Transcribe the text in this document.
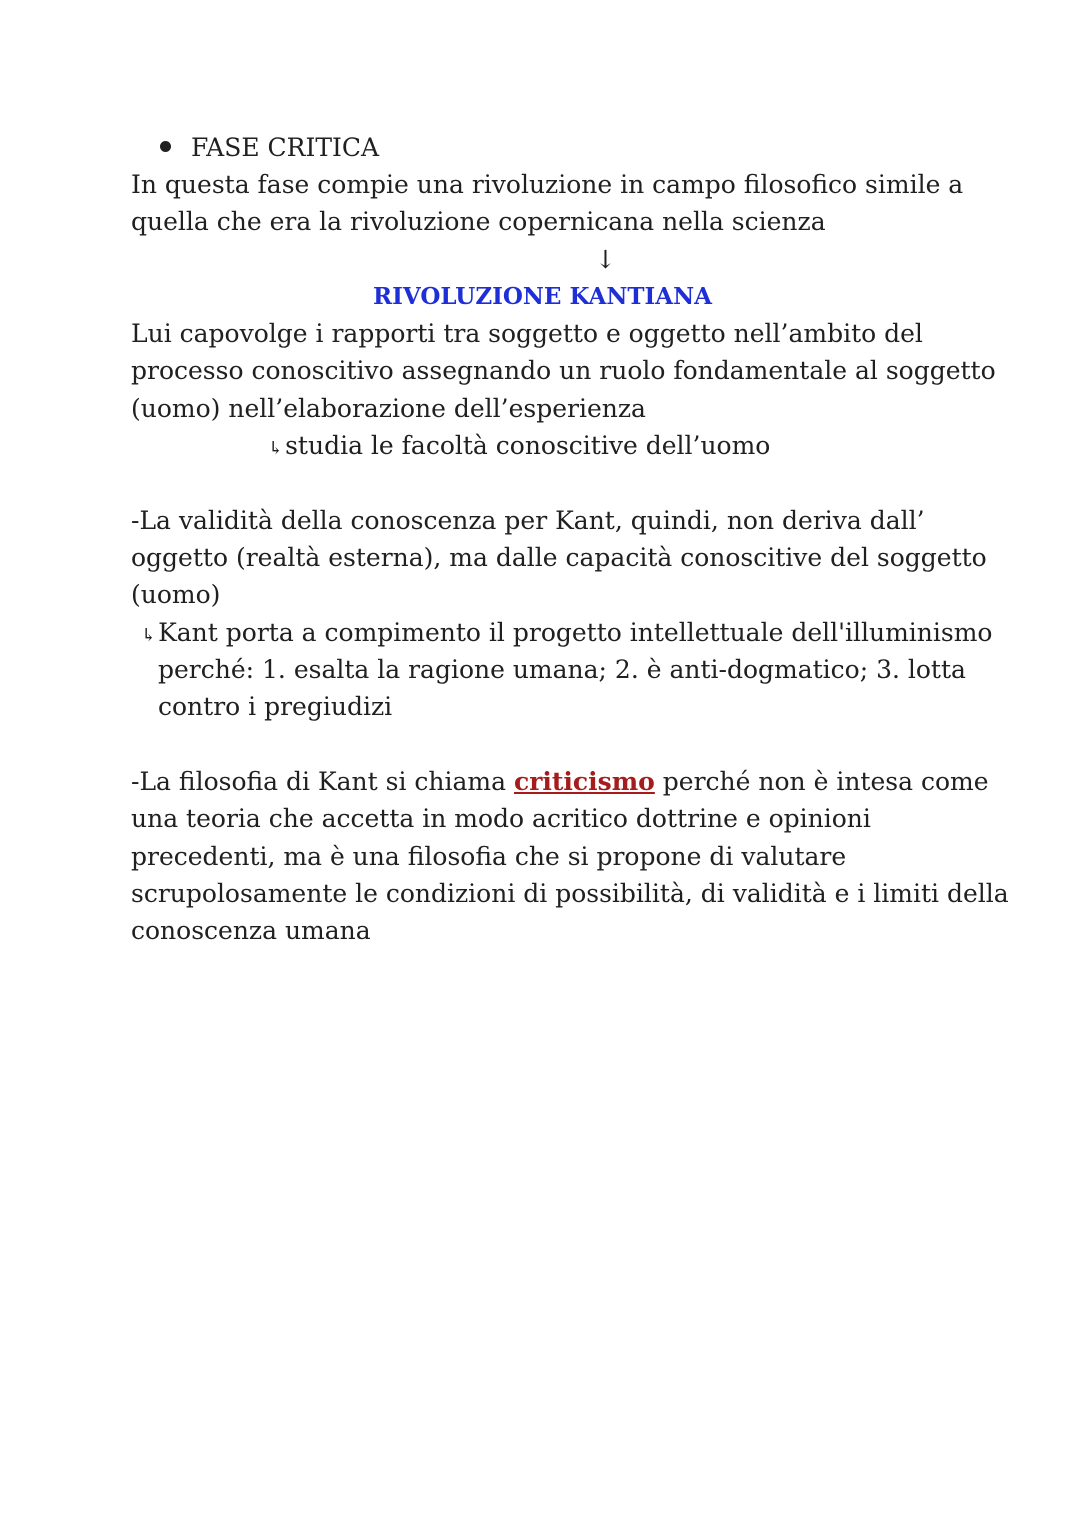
FASE CRITICA
In questa fase compie una rivoluzione in campo filosofico simile a
quella che era la rivoluzione copernicana nella scienza
↓
RIVOLUZIONE KANTIANA
Lui capovolge i rapporti tra soggetto e oggetto nell’ambito del
processo conoscitivo assegnando un ruolo fondamentale al soggetto
(uomo) nell’elaborazione dell’esperienza
↳studia le facoltà conoscitive dell’uomo
-La validità della conoscenza per Kant, quindi, non deriva dall’
oggetto (realtà esterna), ma dalle capacità conoscitive del soggetto
(uomo)
↳Kant porta a compimento il progetto intellettuale dell'illuminismo
perché: 1. esalta la ragione umana; 2. è anti-dogmatico; 3. lotta
contro i pregiudizi
-La filosofia di Kant si chiama criticismo perché non è intesa come
una teoria che accetta in modo acritico dottrine e opinioni
precedenti, ma è una filosofia che si propone di valutare
scrupolosamente le condizioni di possibilità, di validità e i limiti della
conoscenza umana
